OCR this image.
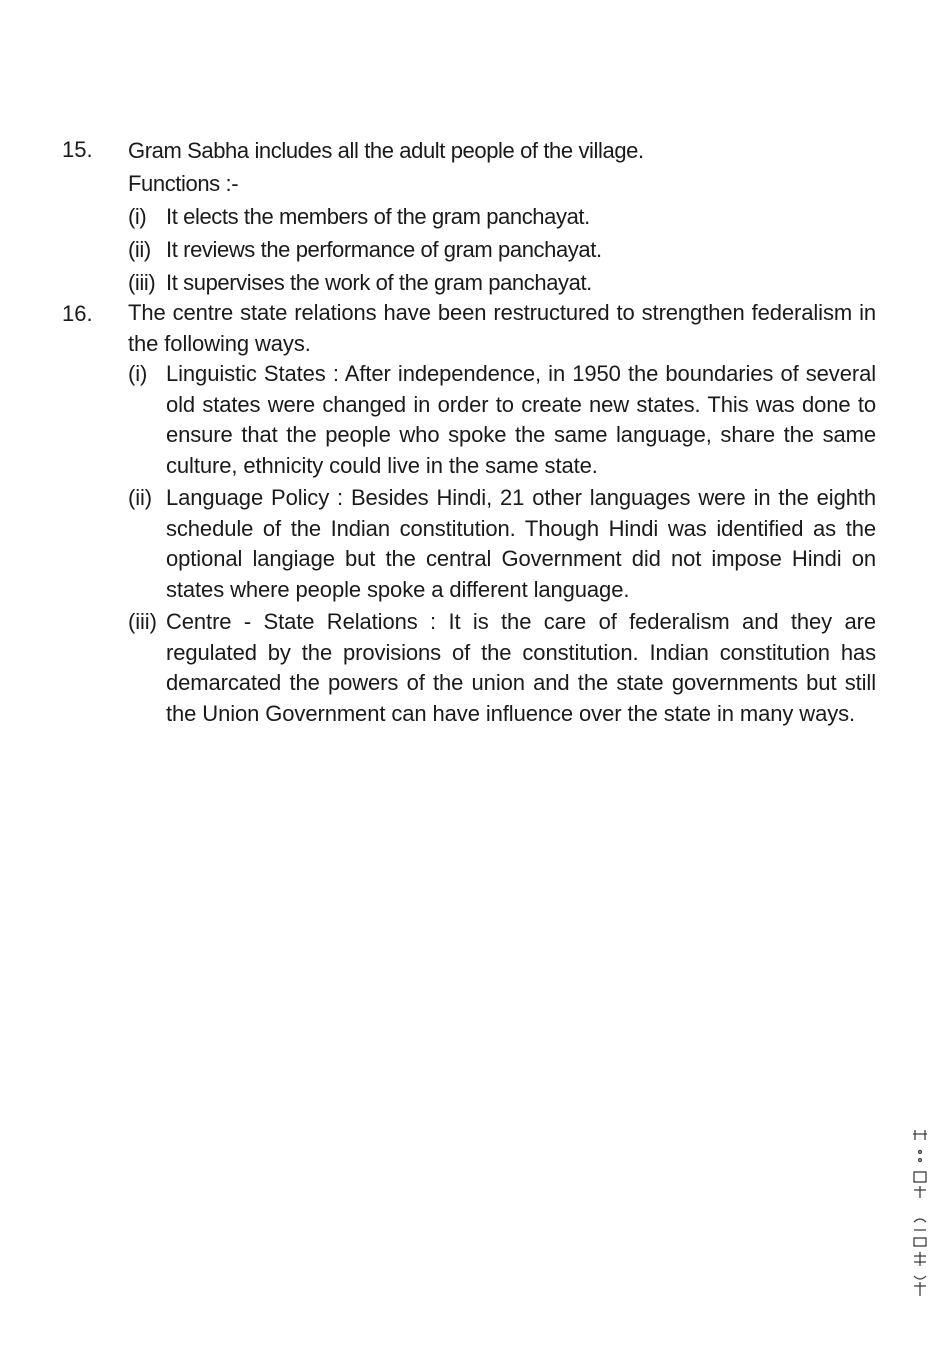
15. Gram Sabha includes all the adult people of the village.
Functions :-
(i) It elects the members of the gram panchayat.
(ii) It reviews the performance of gram panchayat.
(iii) It supervises the work of the gram panchayat.
16. The centre state relations have been restructured to strengthen federalism in the following ways.
(i) Linguistic States : After independence, in 1950 the boundaries of several old states were changed in order to create new states. This was done to ensure that the people who spoke the same language, share the same culture, ethnicity could live in the same state.
(ii) Language Policy : Besides Hindi, 21 other languages were in the eighth schedule of the Indian constitution. Though Hindi was identified as the optional langiage but the central Government did not impose Hindi on states where people spoke a different language.
(iii) Centre - State Relations : It is the care of federalism and they are regulated by the provisions of the constitution. Indian constitution has demarcated the powers of the union and the state governments but still the Union Government can have influence over the state in many ways.
